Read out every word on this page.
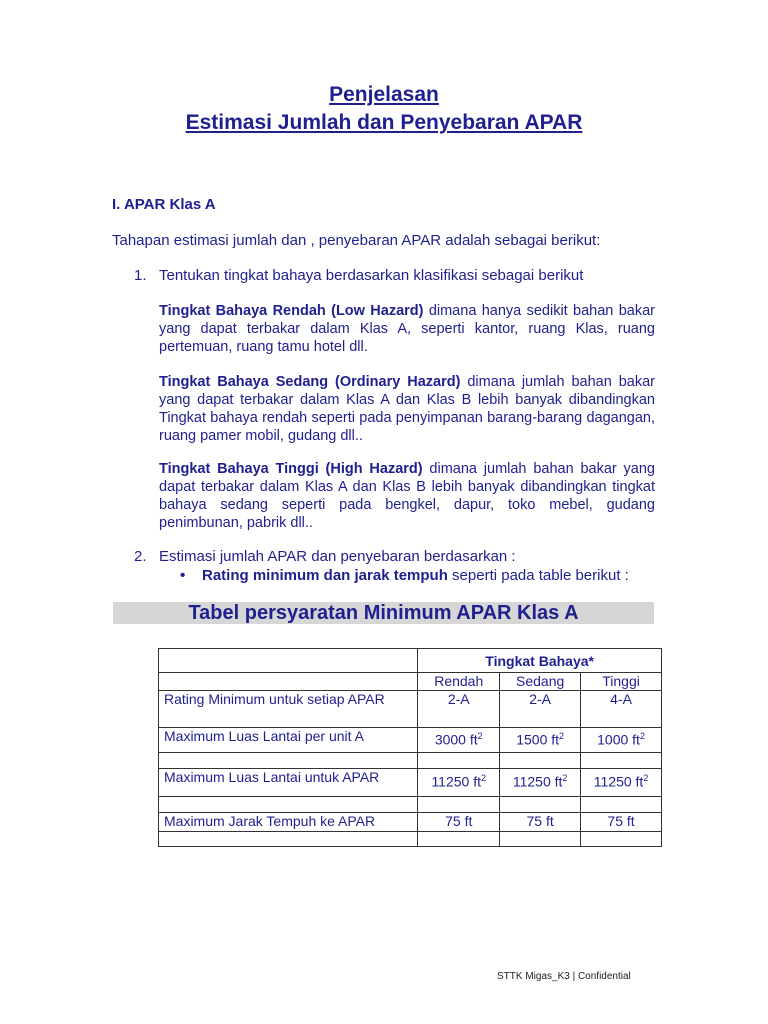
Penjelasan
Estimasi Jumlah dan Penyebaran APAR
I. APAR Klas A
Tahapan estimasi jumlah dan , penyebaran APAR adalah sebagai berikut:
1. Tentukan tingkat bahaya berdasarkan klasifikasi sebagai berikut
Tingkat Bahaya Rendah (Low Hazard) dimana hanya sedikit bahan bakar yang dapat terbakar dalam Klas A, seperti kantor, ruang Klas, ruang pertemuan, ruang tamu hotel dll.
Tingkat Bahaya Sedang (Ordinary Hazard) dimana jumlah bahan bakar yang dapat terbakar dalam Klas A dan Klas B lebih banyak dibandingkan Tingkat bahaya rendah seperti pada penyimpanan barang-barang dagangan, ruang pamer mobil, gudang dll..
Tingkat Bahaya Tinggi (High Hazard) dimana jumlah bahan bakar yang dapat terbakar dalam Klas A dan Klas B lebih banyak dibandingkan tingkat bahaya sedang seperti pada bengkel, dapur, toko mebel, gudang penimbunan, pabrik dll..
2. Estimasi jumlah APAR dan penyebaran berdasarkan :
• Rating minimum dan jarak tempuh seperti pada table berikut :
Tabel persyaratan Minimum APAR Klas A
	Tingkat Bahaya*		
	Rendah	Sedang	Tinggi
Rating Minimum untuk setiap APAR	2-A	2-A	4-A
Maximum Luas Lantai per unit A	3000 $ft^2$	1500 $ft^2$	1000 $ft^2$

Maximum Luas Lantai untuk APAR	11250 $ft^2$	11250 $ft^2$	11250 $ft^2$

Maximum Jarak Tempuh ke APAR	75 ft	75 ft	75 ft

STTK Migas_K3 | Confidential
